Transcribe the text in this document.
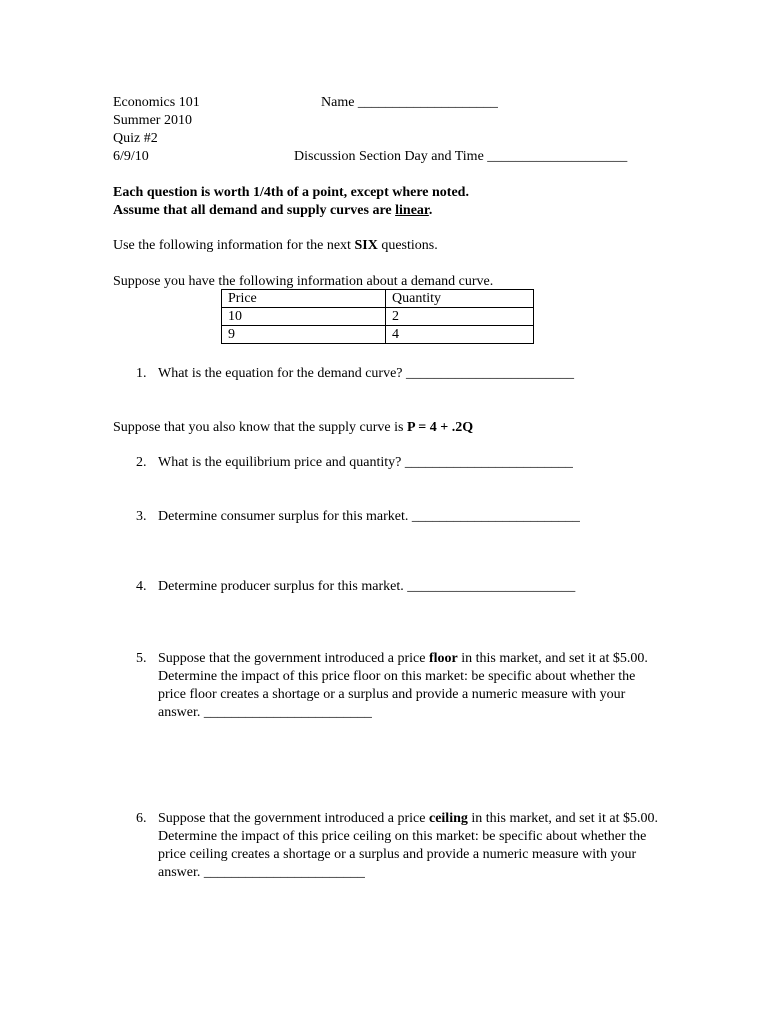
Economics 101
Summer 2010
Quiz #2
6/9/10
Name ____________________
Discussion Section Day and Time ____________________
Each question is worth 1/4th of a point, except where noted.
Assume that all demand and supply curves are linear.
Use the following information for the next SIX questions.
Suppose you have the following information about a demand curve.
Price	Quantity
10	2
9	4
1. What is the equation for the demand curve? ________________________
Suppose that you also know that the supply curve is P = 4 + .2Q
2. What is the equilibrium price and quantity? ________________________
3. Determine consumer surplus for this market. ________________________
4. Determine producer surplus for this market. ________________________
5. Suppose that the government introduced a price floor in this market, and set it at $5.00. Determine the impact of this price floor on this market: be specific about whether the price floor creates a shortage or a surplus and provide a numeric measure with your answer. ________________________
6. Suppose that the government introduced a price ceiling in this market, and set it at $5.00. Determine the impact of this price ceiling on this market: be specific about whether the price ceiling creates a shortage or a surplus and provide a numeric measure with your answer. _______________________
